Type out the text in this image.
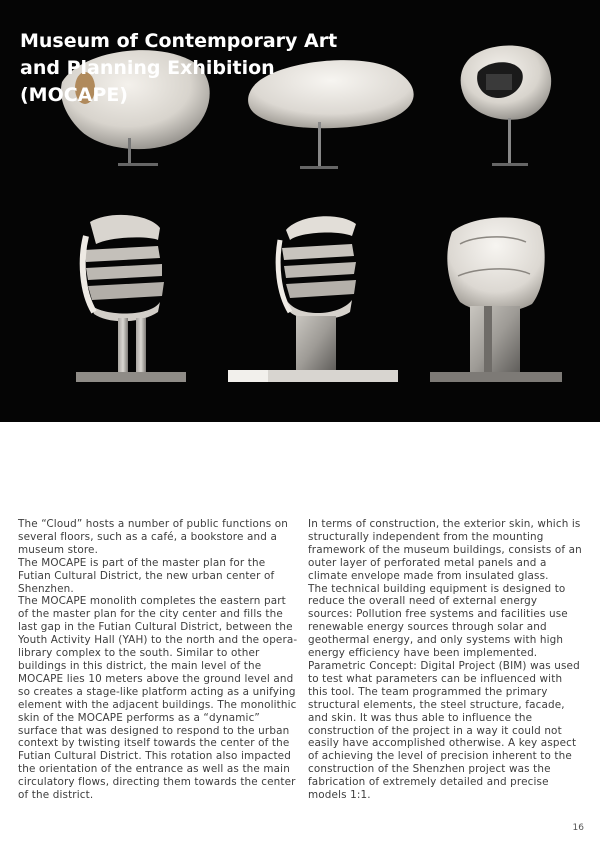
Museum of Contemporary Art and Planning Exhibition (MOCAPE)

The “Cloud” hosts a number of public functions on several floors, such as a café, a bookstore and a museum store.

The MOCAPE is part of the master plan for the Futian Cultural District, the new urban center of Shenzhen.

The MOCAPE monolith completes the eastern part of the master plan for the city center and fills the last gap in the Futian Cultural District, between the Youth Activity Hall (YAH) to the north and the opera-library complex to the south. Similar to other buildings in this district, the main level of the MOCAPE lies 10 meters above the ground level and so creates a stage-like platform acting as a unifying element with the adjacent buildings. The monolithic skin of the MOCAPE performs as a “dynamic” surface that was designed to respond to the urban context by twisting itself towards the center of the Futian Cultural District. This rotation also impacted the orientation of the entrance as well as the main circulatory flows, directing them towards the center of the district.

In terms of construction, the exterior skin, which is structurally independent from the mounting framework of the museum buildings, consists of an outer layer of perforated metal panels and a climate envelope made from insulated glass.

The technical building equipment is designed to reduce the overall need of external energy sources: Pollution free systems and facilities use renewable energy sources through solar and geothermal energy, and only systems with high energy efficiency have been implemented.

Parametric Concept: Digital Project (BIM) was used to test what parameters can be influenced with this tool. The team programmed the primary structural elements, the steel structure, facade, and skin. It was thus able to influence the construction of the project in a way it could not easily have accomplished otherwise. A key aspect of achieving the level of precision inherent to the construction of the Shenzhen project was the fabrication of extremely detailed and precise models 1:1.

16
